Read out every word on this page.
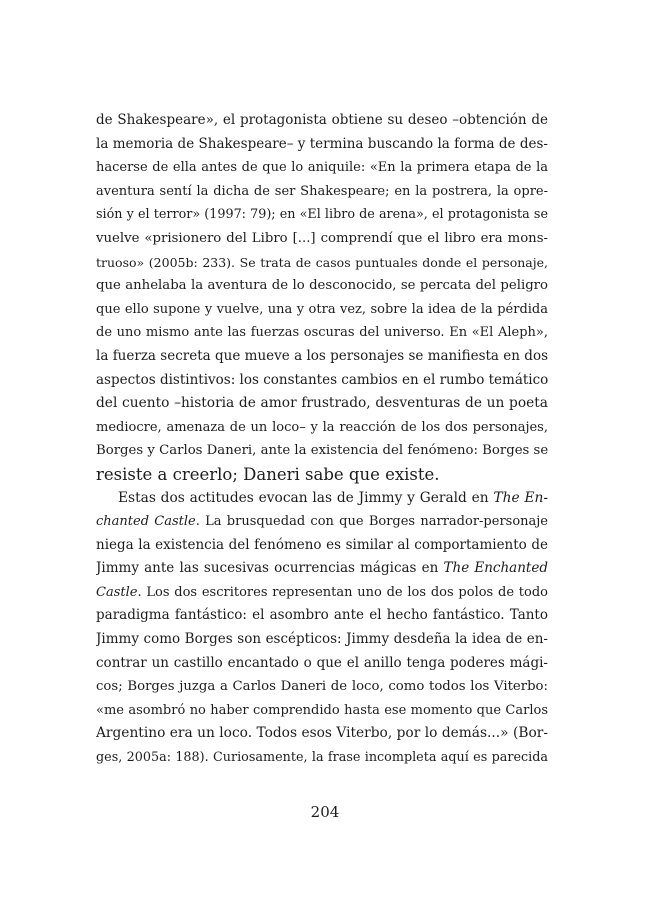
de Shakespeare», el protagonista obtiene su deseo –obtención de
la memoria de Shakespeare– y termina buscando la forma de des-
hacerse de ella antes de que lo aniquile: «En la primera etapa de la
aventura sentí la dicha de ser Shakespeare; en la postrera, la opre-
sión y el terror» (1997: 79); en «El libro de arena», el protagonista se
vuelve «prisionero del Libro [...] comprendí que el libro era mons-
truoso» (2005b: 233). Se trata de casos puntuales donde el personaje,
que anhelaba la aventura de lo desconocido, se percata del peligro
que ello supone y vuelve, una y otra vez, sobre la idea de la pérdida
de uno mismo ante las fuerzas oscuras del universo. En «El Aleph»,
la fuerza secreta que mueve a los personajes se manifiesta en dos
aspectos distintivos: los constantes cambios en el rumbo temático
del cuento –historia de amor frustrado, desventuras de un poeta
mediocre, amenaza de un loco– y la reacción de los dos personajes,
Borges y Carlos Daneri, ante la existencia del fenómeno: Borges se
resiste a creerlo; Daneri sabe que existe.
Estas dos actitudes evocan las de Jimmy y Gerald en The En-
chanted Castle. La brusquedad con que Borges narrador-personaje
niega la existencia del fenómeno es similar al comportamiento de
Jimmy ante las sucesivas ocurrencias mágicas en The Enchanted
Castle. Los dos escritores representan uno de los dos polos de todo
paradigma fantástico: el asombro ante el hecho fantástico. Tanto
Jimmy como Borges son escépticos: Jimmy desdeña la idea de en-
contrar un castillo encantado o que el anillo tenga poderes mági-
cos; Borges juzga a Carlos Daneri de loco, como todos los Viterbo:
«me asombró no haber comprendido hasta ese momento que Carlos
Argentino era un loco. Todos esos Viterbo, por lo demás...» (Bor-
ges, 2005a: 188). Curiosamente, la frase incompleta aquí es parecida
204
